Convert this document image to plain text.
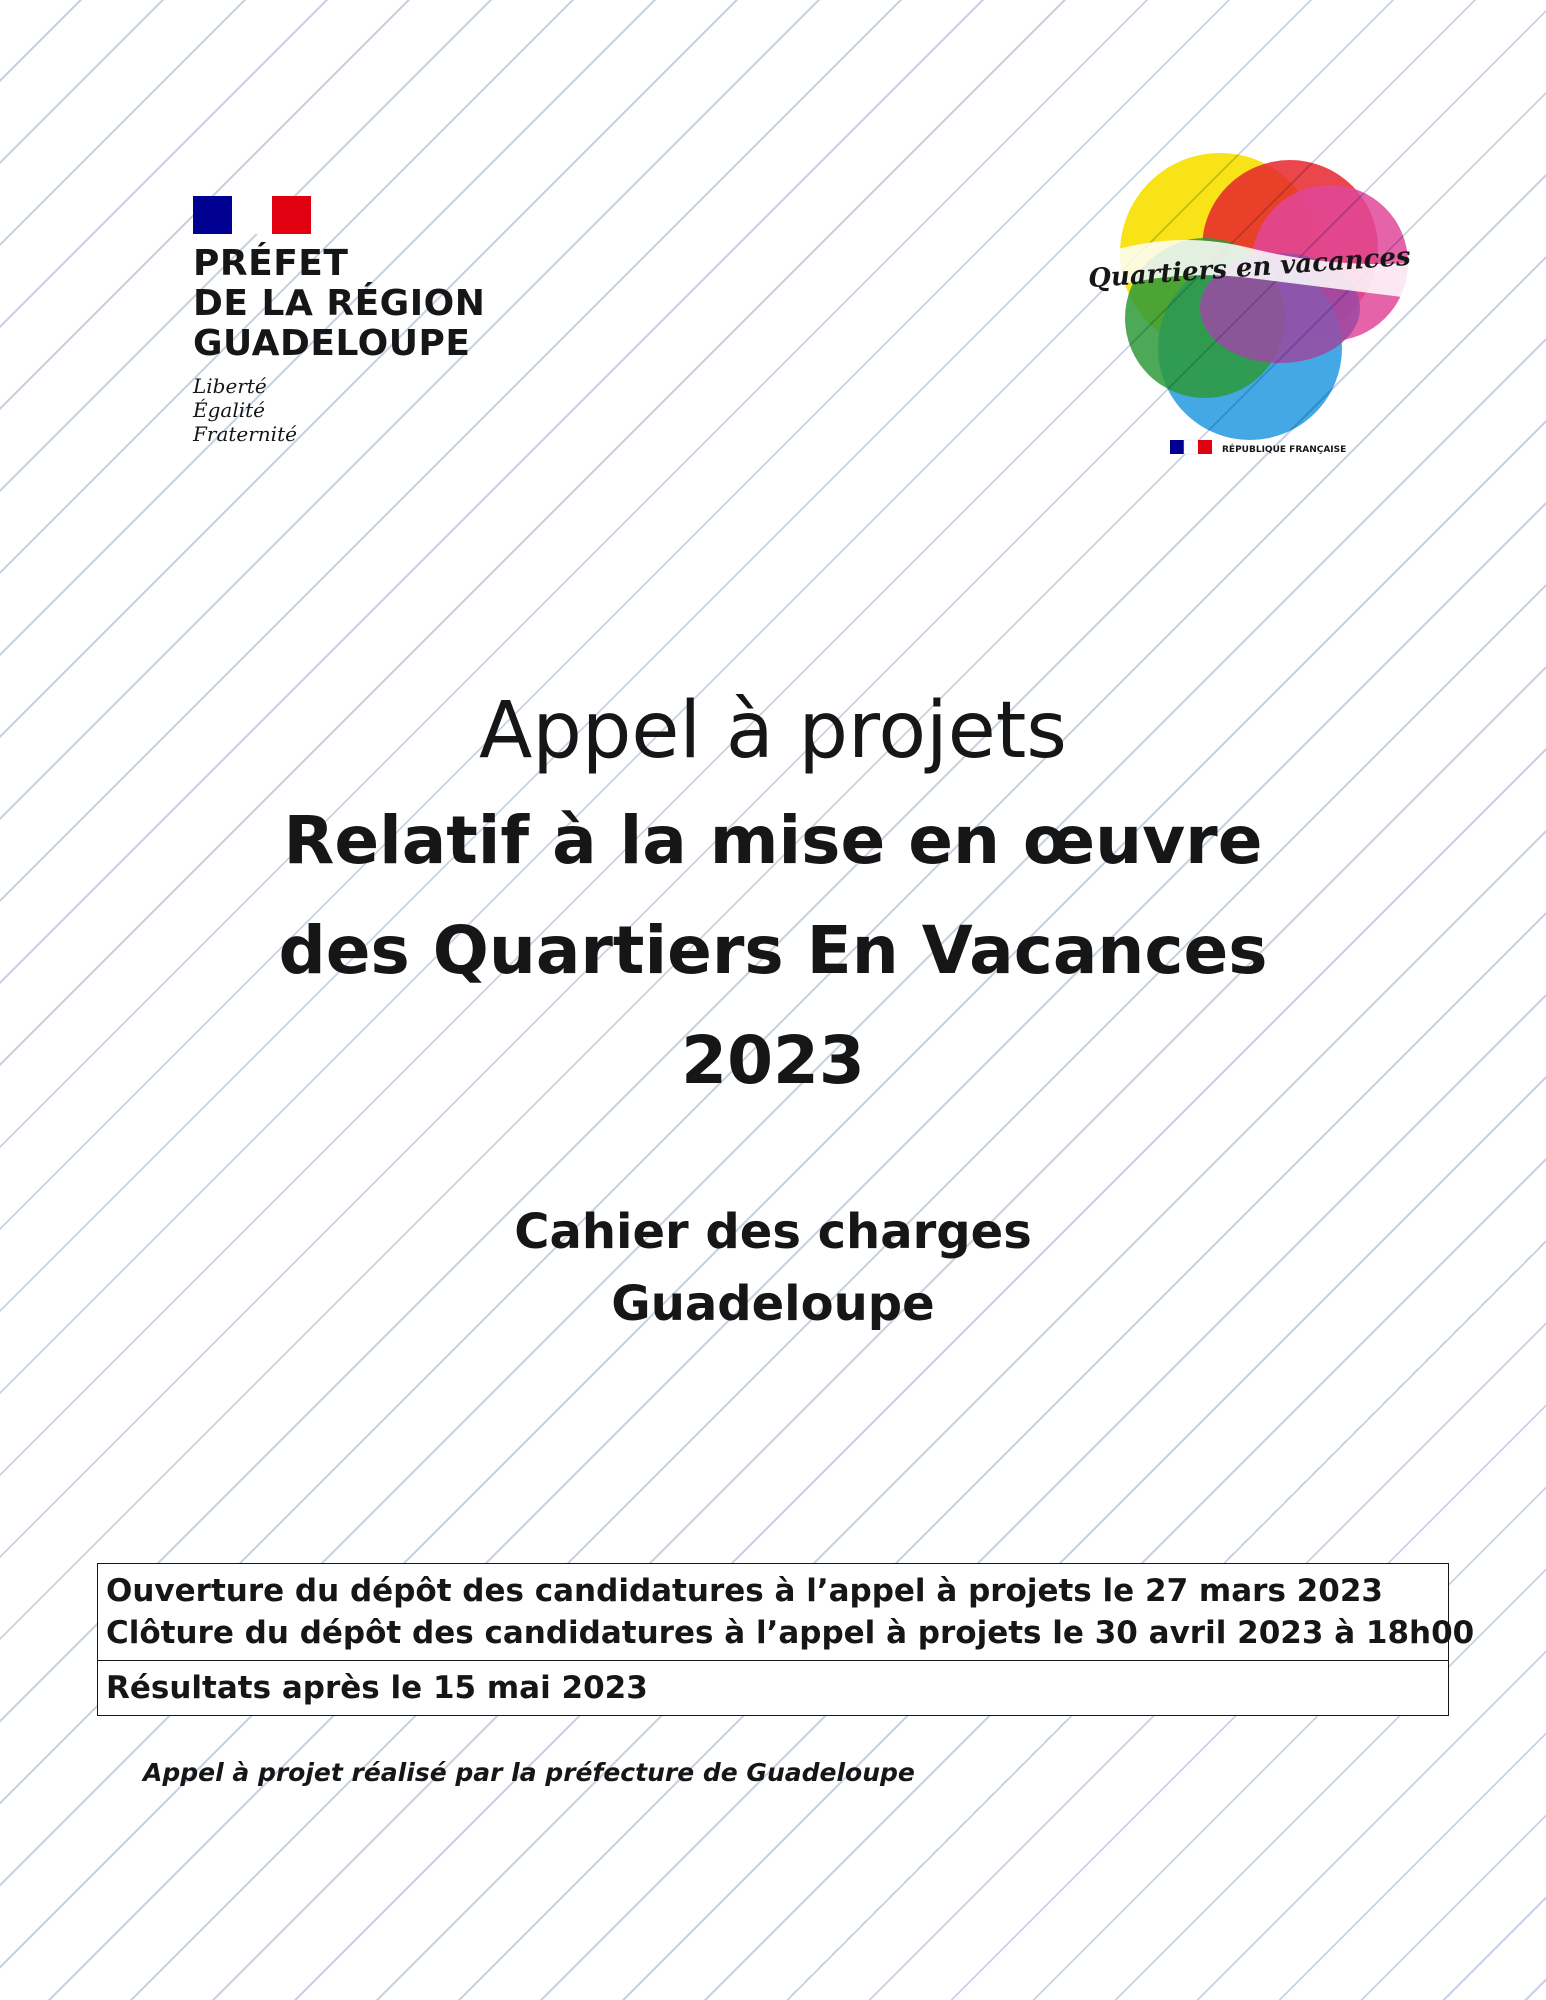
PRÉFET
DE LA RÉGION
GUADELOUPE
Liberté
Égalité
Fraternité
Quartiers en vacances
RÉPUBLIQUE FRANÇAISE
Appel à projets
Relatif à la mise en œuvre
des Quartiers En Vacances
2023
Cahier des charges
Guadeloupe
Ouverture du dépôt des candidatures à l’appel à projets le 27 mars 2023
Clôture du dépôt des candidatures à l’appel à projets le 30 avril 2023 à 18h00
Résultats après le 15 mai 2023
Appel à projet réalisé par la préfecture de Guadeloupe
